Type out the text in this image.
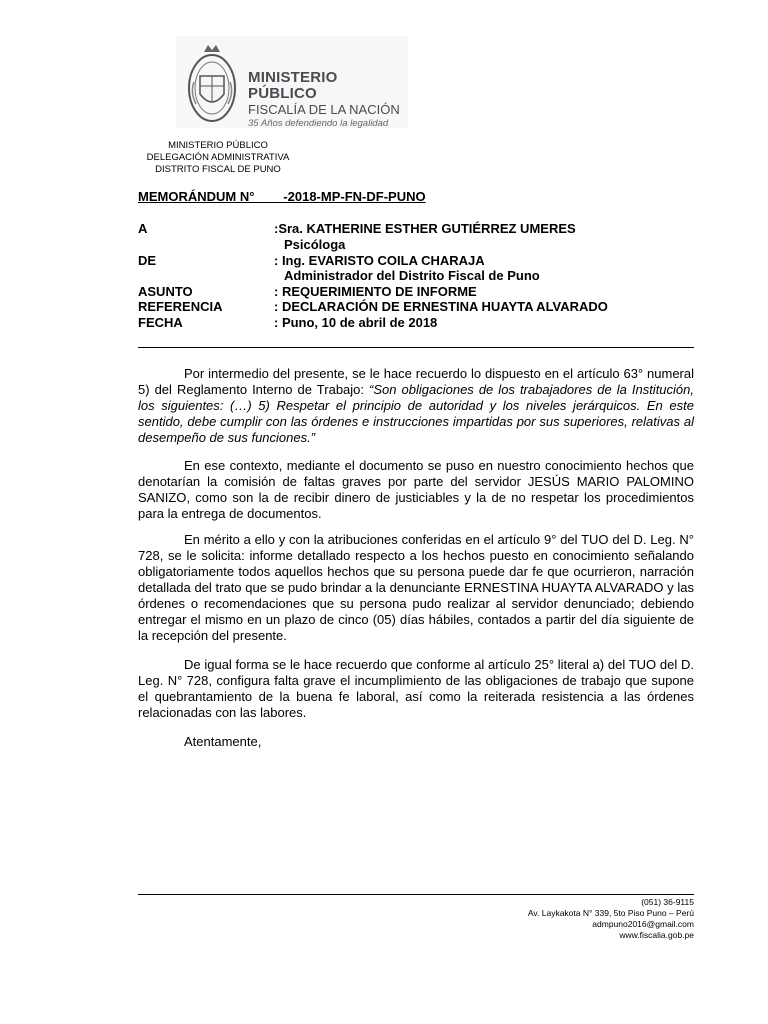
MINISTERIO PÚBLICO
FISCALÍA DE LA NACIÓN
35 Años defendiendo la legalidad
MINISTERIO PÚBLICO
DELEGACIÓN ADMINISTRATIVA
DISTRITO FISCAL DE PUNO
MEMORÁNDUM N°        -2018-MP-FN-DF-PUNO
A	:Sra. KATHERINE ESTHER GUTIÉRREZ UMERES
Psicóloga
DE	: Ing. EVARISTO COILA CHARAJA
Administrador del Distrito Fiscal de Puno
ASUNTO	: REQUERIMIENTO DE INFORME
REFERENCIA	: DECLARACIÓN DE ERNESTINA HUAYTA ALVARADO
FECHA	: Puno, 10 de abril de 2018
Por intermedio del presente, se le hace recuerdo lo dispuesto en el artículo 63° numeral 5) del Reglamento Interno de Trabajo: “Son obligaciones de los trabajadores de la Institución, los siguientes: (…) 5) Respetar el principio de autoridad y los niveles jerárquicos. En este sentido, debe cumplir con las órdenes e instrucciones impartidas por sus superiores, relativas al desempeño de sus funciones.”
En ese contexto, mediante el documento se puso en nuestro conocimiento hechos que denotarían la comisión de faltas graves por parte del servidor JESÚS MARIO PALOMINO SANIZO, como son la de recibir dinero de justiciables y la de no respetar los procedimientos para la entrega de documentos.
En mérito a ello y con la atribuciones conferidas en el artículo 9° del TUO del D. Leg. N° 728, se le solicita: informe detallado respecto a los hechos puesto en conocimiento señalando obligatoriamente todos aquellos hechos que su persona puede dar fe que ocurrieron, narración detallada del trato que se pudo brindar a la denunciante ERNESTINA HUAYTA ALVARADO y las órdenes o recomendaciones que su persona pudo realizar al servidor denunciado; debiendo entregar el mismo en un plazo de cinco (05) días hábiles, contados a partir del día siguiente de la recepción del presente.
De igual forma se le hace recuerdo que conforme al artículo 25° literal a) del TUO del D. Leg. N° 728, configura falta grave el incumplimiento de las obligaciones de trabajo que supone el quebrantamiento de la buena fe laboral, así como la reiterada resistencia a las órdenes relacionadas con las labores.
Atentamente,
(051) 36-9115
Av. Laykakota N° 339, 5to Piso Puno – Perú
admpuno2016@gmail.com
www.fiscalia.gob.pe
